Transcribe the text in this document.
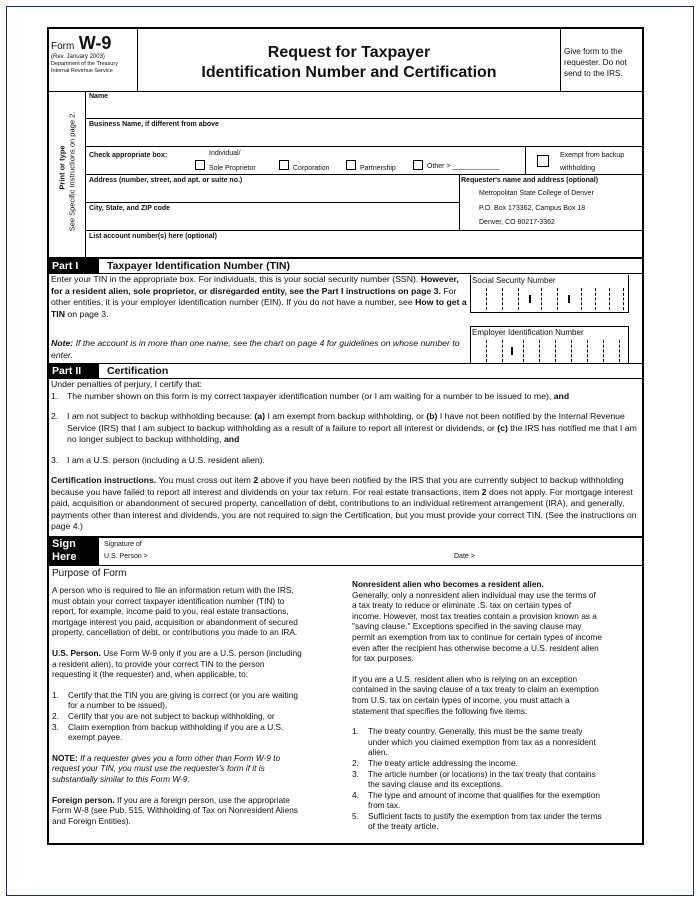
Form W-9
(Rev. January 2003)
Department of the Treasury
Internal Revenue Service
Request for Taxpayer
Identification Number and Certification
Give form to the requester. Do not send to the IRS.
Print or type See Specific Instructions on page 2.
Name
Business Name, if different from above
Check appropriate box:	Individual/
Sole Proprietor	Corporation	Partnership	Other > ____________
Exempt from backup withholding
Address (number, street, and apt. or suite no.)
City, State, and ZIP code
Requester's name and address (optional)
Metropolitan State College of Denver
P.O. Box 173362, Campus Box 18
Denver, CO 80217-3362
List account number(s) here (optional)
Part I	Taxpayer Identification Number (TIN)
Enter your TIN in the appropriate box. For individuals, this is your social security number (SSN). However, for a resident alien, sole proprietor, or disregarded entity, see the Part I instructions on page 3. For other entities, it is your employer identification number (EIN). If you do not have a number, see How to get a TIN on page 3.
Note: If the account is in more than one name, see the chart on page 4 for guidelines on whose number to enter.
Social Security Number
Employer Identification Number
Part II	Certification
Under penalties of perjury, I certify that:
1. The number shown on this form is my correct taxpayer identification number (or I am waiting for a number to be issued to me), and
2. I am not subject to backup withholding because: (a) I am exempt from backup withholding, or (b) I have not been notified by the Internal Revenue Service (IRS) that I am subject to backup withholding as a result of a failure to report all interest or dividends, or (c) the IRS has notified me that I am no longer subject to backup withholding, and
3. I am a U.S. person (including a U.S. resident alien).
Certification instructions. You must cross out item 2 above if you have been notified by the IRS that you are currently subject to backup withholding because you have failed to report all interest and dividends on your tax return. For real estate transactions, item 2 does not apply. For mortgage interest paid, acquisition or abandonment of secured property, cancellation of debt, contributions to an individual retirement arrangement (IRA), and generally, payments other than interest and dividends, you are not required to sign the Certification, but you must provide your correct TIN. (See the instructions on page 4.)
Sign
Here
Signature of
U.S. Person >	Date >
Purpose of Form

A person who is required to file an information return with the IRS, must obtain your correct taxpayer identification number (TIN) to report, for example, income paid to you, real estate transactions, mortgage interest you paid, acquisition or abandonment of secured property, cancellation of debt, or contributions you made to an IRA.

U.S. Person. Use Form W-9 only if you are a U.S. person (including a resident alien), to provide your correct TIN to the person requesting it (the requester) and, when applicable, to:

1. Certify that the TIN you are giving is correct (or you are waiting for a number to be issued),
2. Certify that you are not subject to backup withholding, or
3. Claim exemption from backup withholding if you are a U.S. exempt payee.

NOTE: If a requester gives you a form other than Form W-9 to request your TIN, you must use the requester's form if it is substantially similar to this Form W-9.

Foreign person. If you are a foreign person, use the appropriate Form W-8 (see Pub. 515, Withholding of Tax on Nonresident Aliens and Foreign Entities).

Nonresident alien who becomes a resident alien.

Generally, only a nonresident alien individual may use the terms of a tax treaty to reduce or eliminate .S. tax on certain types of income. However, most tax treaties contain a provision known as a "saving clause." Exceptions specified in the saving clause may permit an exemption from tax to continue for certain types of income even after the recipient has otherwise become a U.S. resident alien for tax purposes.

If you are a U.S. resident alien who is relying on an exception contained in the saving clause of a tax treaty to claim an exemption from U.S. tax on certain types of income, you must attach a statement that specifies the following five items:

1. The treaty country. Generally, this must be the same treaty under which you claimed exemption from tax as a nonresident alien.
2. The treaty article addressing the income.
3. The article number (or locations) in the tax treaty that contains the saving clause and its exceptions.
4. The type and amount of income that qualifies for the exemption from tax.
5. Sufficient facts to justify the exemption from tax under the terms of the treaty article.
